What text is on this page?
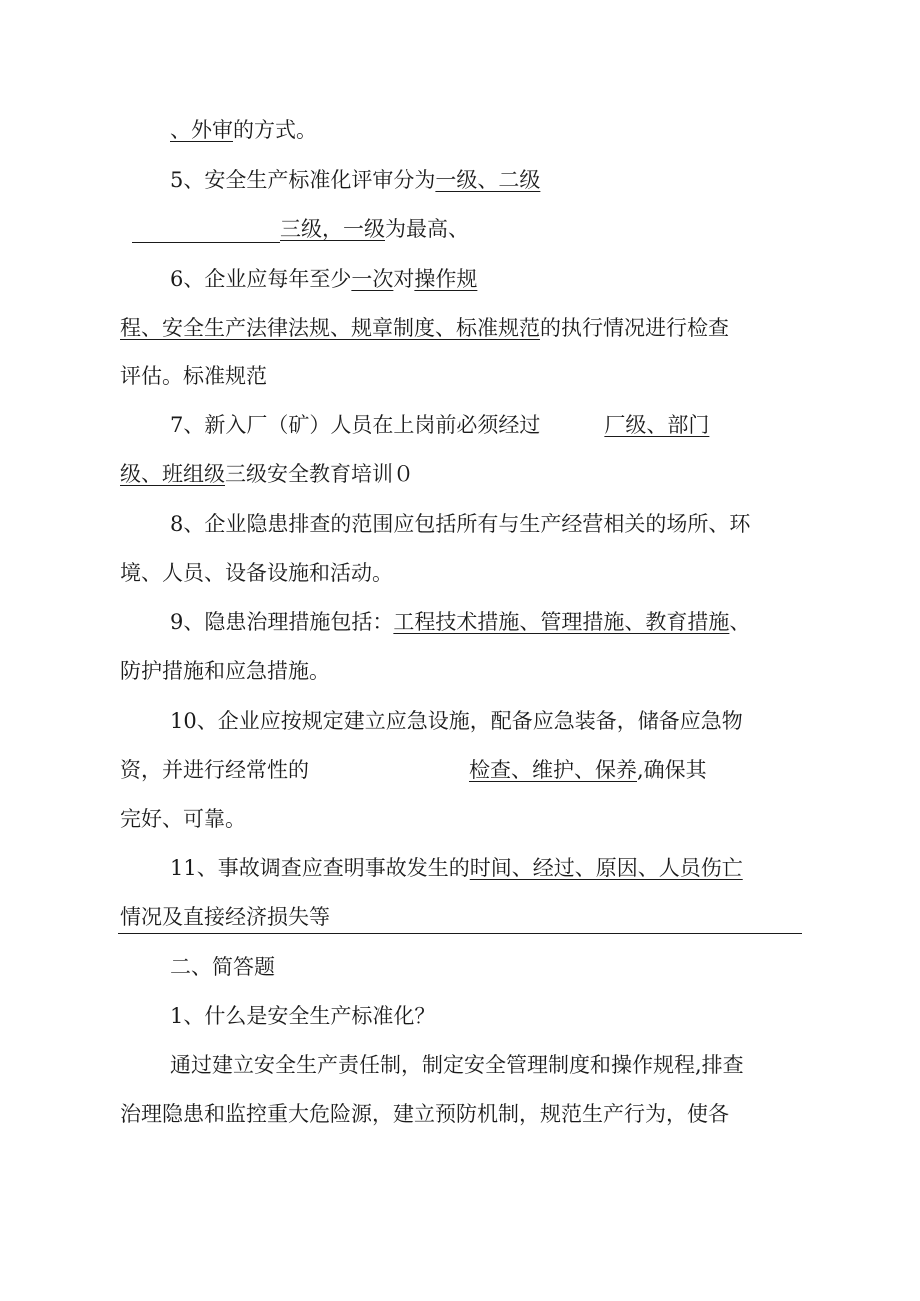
、外审的方式。
5、安全生产标准化评审分为一级、二级
三级，一级为最高、
6、企业应每年至少一次对操作规
程、安全生产法律法规、规章制度、标准规范的执行情况进行检查
评估。标准规范
7、新入厂（矿）人员在上岗前必须经过	厂级、部门
级、班组级三级安全教育培训０
8、企业隐患排查的范围应包括所有与生产经营相关的场所、环
境、人员、设备设施和活动。
9、隐患治理措施包括：工程技术措施、管理措施、教育措施、
防护措施和应急措施。
10、企业应按规定建立应急设施，配备应急装备，储备应急物
资，并进行经常性的	检查、维护、保养,确保其
完好、可靠。
11、事故调查应查明事故发生的时间、经过、原因、人员伤亡
情况及直接经济损失等
二、简答题
1、什么是安全生产标准化？
通过建立安全生产责任制，制定安全管理制度和操作规程,排查
治理隐患和监控重大危险源，建立预防机制，规范生产行为，使各
